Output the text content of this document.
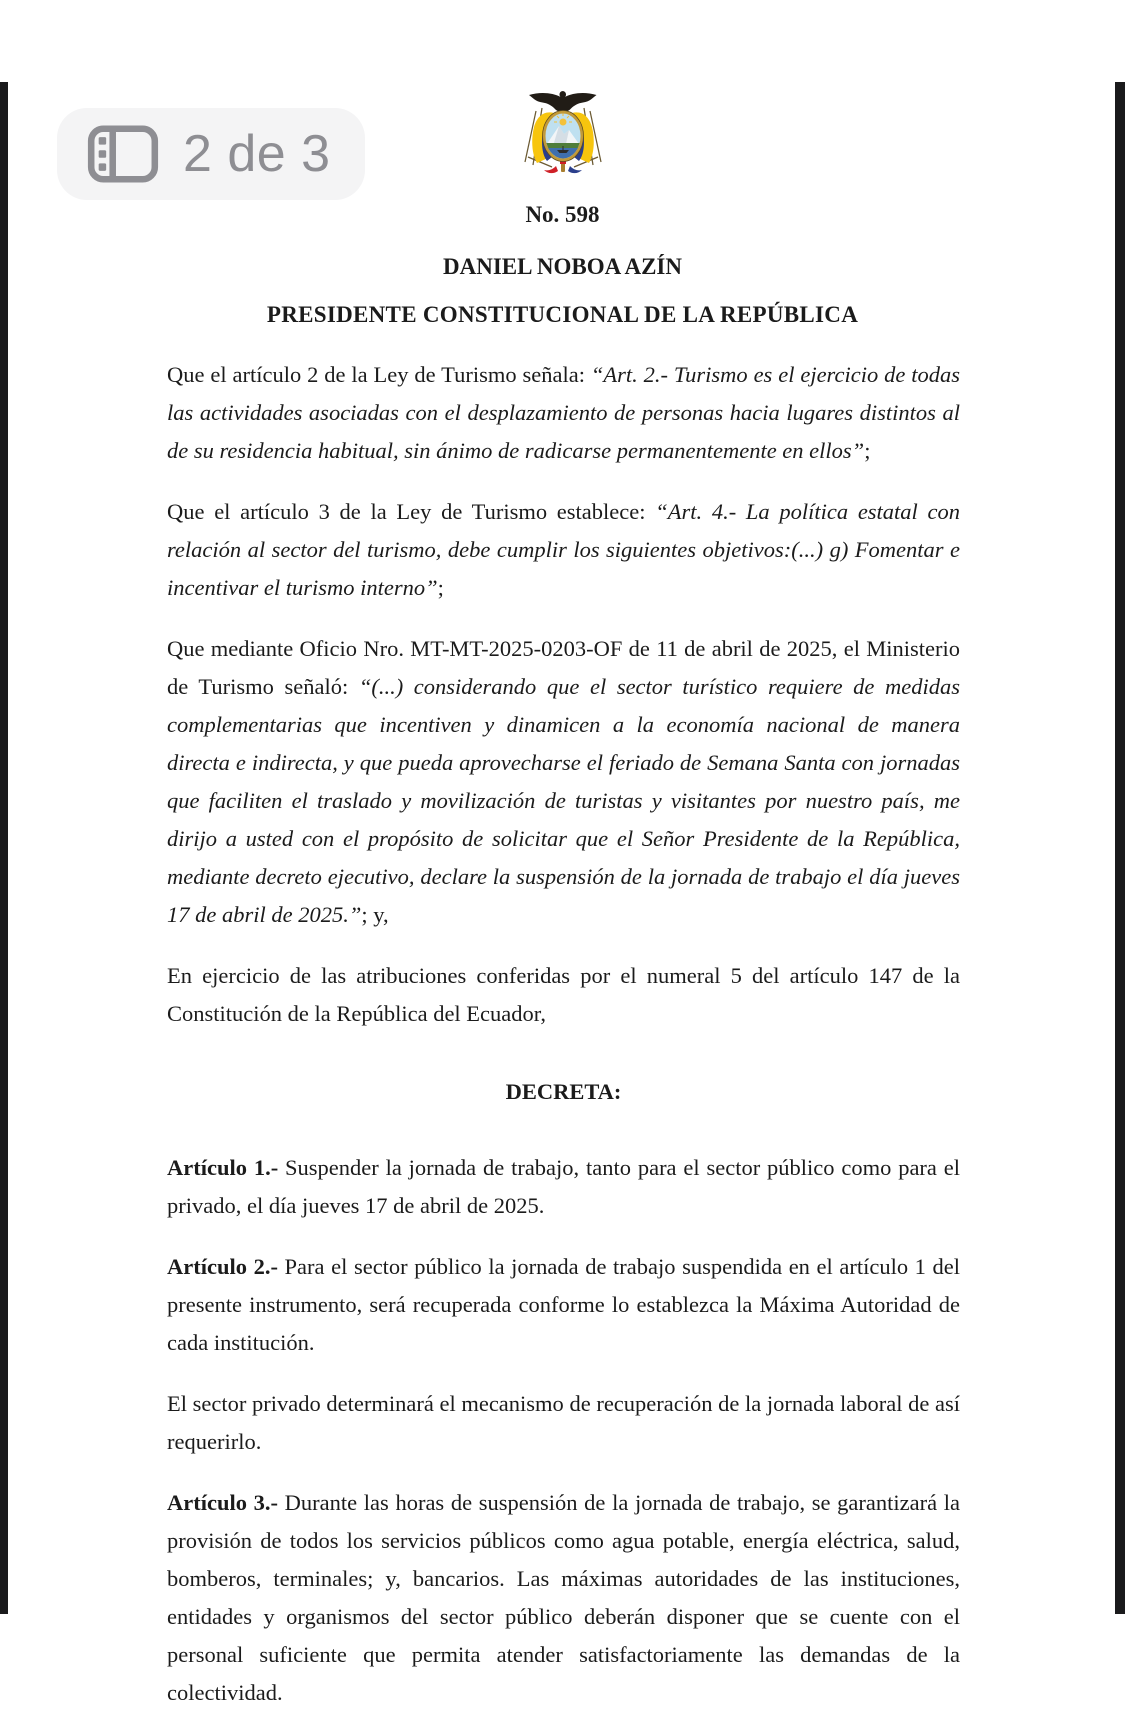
2 de 3

No. 598

DANIEL NOBOA AZÍN

PRESIDENTE CONSTITUCIONAL DE LA REPÚBLICA

Que el artículo 2 de la Ley de Turismo señala: “Art. 2.- Turismo es el ejercicio de todas las actividades asociadas con el desplazamiento de personas hacia lugares distintos al de su residencia habitual, sin ánimo de radicarse permanentemente en ellos”;

Que el artículo 3 de la Ley de Turismo establece: “Art. 4.- La política estatal con relación al sector del turismo, debe cumplir los siguientes objetivos:(...) g) Fomentar e incentivar el turismo interno”;

Que mediante Oficio Nro. MT-MT-2025-0203-OF de 11 de abril de 2025, el Ministerio de Turismo señaló: “(...) considerando que el sector turístico requiere de medidas complementarias que incentiven y dinamicen a la economía nacional de manera directa e indirecta, y que pueda aprovecharse el feriado de Semana Santa con jornadas que faciliten el traslado y movilización de turistas y visitantes por nuestro país, me dirijo a usted con el propósito de solicitar que el Señor Presidente de la República, mediante decreto ejecutivo, declare la suspensión de la jornada de trabajo el día jueves 17 de abril de 2025.”; y,

En ejercicio de las atribuciones conferidas por el numeral 5 del artículo 147 de la Constitución de la República del Ecuador,

DECRETA:

Artículo 1.- Suspender la jornada de trabajo, tanto para el sector público como para el privado, el día jueves 17 de abril de 2025.

Artículo 2.- Para el sector público la jornada de trabajo suspendida en el artículo 1 del presente instrumento, será recuperada conforme lo establezca la Máxima Autoridad de cada institución.

El sector privado determinará el mecanismo de recuperación de la jornada laboral de así requerirlo.

Artículo 3.- Durante las horas de suspensión de la jornada de trabajo, se garantizará la provisión de todos los servicios públicos como agua potable, energía eléctrica, salud, bomberos, terminales; y, bancarios. Las máximas autoridades de las instituciones, entidades y organismos del sector público deberán disponer que se cuente con el personal suficiente que permita atender satisfactoriamente las demandas de la colectividad.
